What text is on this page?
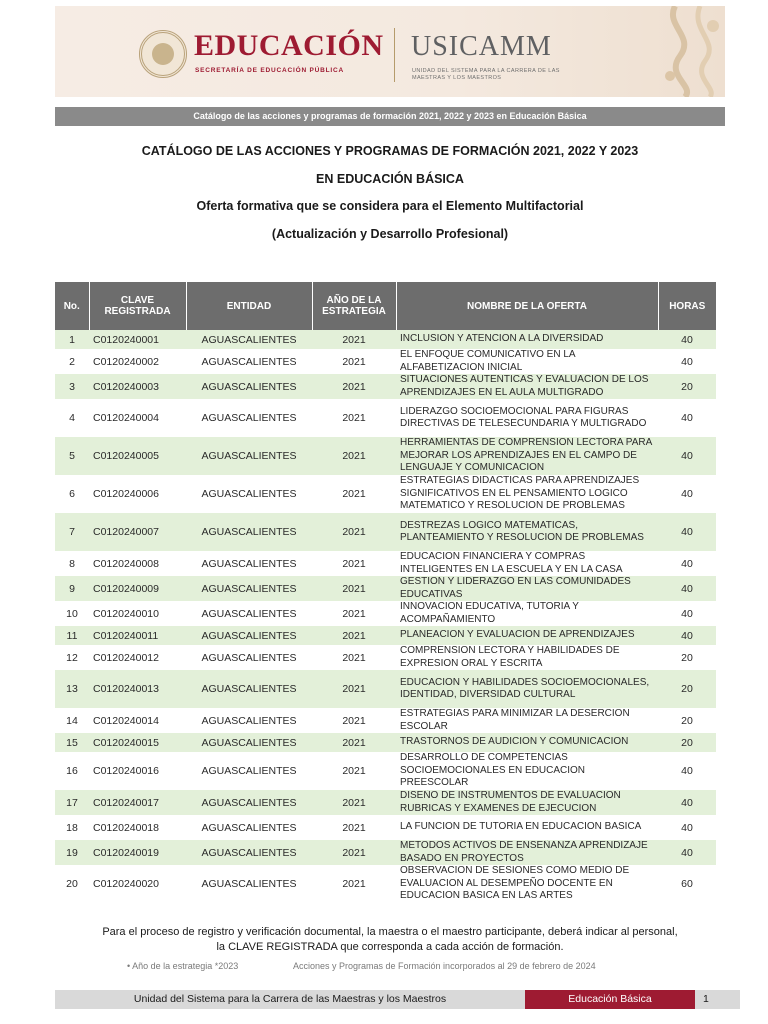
EDUCACIÓN
SECRETARÍA DE EDUCACIÓN PÚBLICA
USICAMM
UNIDAD DEL SISTEMA PARA LA CARRERA DE LAS MAESTRAS Y LOS MAESTROS
Catálogo de las acciones y programas de formación 2021, 2022 y 2023 en Educación Básica
CATÁLOGO DE LAS ACCIONES Y PROGRAMAS DE FORMACIÓN 2021, 2022 Y 2023
EN EDUCACIÓN BÁSICA
Oferta formativa que se considera para el Elemento Multifactorial
(Actualización y Desarrollo Profesional)
No.	CLAVE REGISTRADA	ENTIDAD	AÑO DE LA ESTRATEGIA	NOMBRE DE LA OFERTA	HORAS
1	C0120240001	AGUASCALIENTES	2021	INCLUSION Y ATENCION A LA DIVERSIDAD	40
2	C0120240002	AGUASCALIENTES	2021	EL ENFOQUE COMUNICATIVO EN LA ALFABETIZACION INICIAL	40
3	C0120240003	AGUASCALIENTES	2021	SITUACIONES AUTENTICAS Y EVALUACION DE LOS APRENDIZAJES EN EL AULA MULTIGRADO	20
4	C0120240004	AGUASCALIENTES	2021	LIDERAZGO SOCIOEMOCIONAL PARA FIGURAS DIRECTIVAS DE TELESECUNDARIA Y MULTIGRADO	40
5	C0120240005	AGUASCALIENTES	2021	HERRAMIENTAS DE COMPRENSION LECTORA PARA MEJORAR LOS APRENDIZAJES EN EL CAMPO DE LENGUAJE Y COMUNICACION	40
6	C0120240006	AGUASCALIENTES	2021	ESTRATEGIAS DIDACTICAS PARA APRENDIZAJES SIGNIFICATIVOS EN EL PENSAMIENTO LOGICO MATEMATICO Y RESOLUCION DE PROBLEMAS	40
7	C0120240007	AGUASCALIENTES	2021	DESTREZAS LOGICO MATEMATICAS, PLANTEAMIENTO Y RESOLUCION DE PROBLEMAS	40
8	C0120240008	AGUASCALIENTES	2021	EDUCACION FINANCIERA Y COMPRAS INTELIGENTES EN LA ESCUELA Y EN LA CASA	40
9	C0120240009	AGUASCALIENTES	2021	GESTION Y LIDERAZGO EN LAS COMUNIDADES EDUCATIVAS	40
10	C0120240010	AGUASCALIENTES	2021	INNOVACION EDUCATIVA, TUTORIA Y ACOMPAÑAMIENTO	40
11	C0120240011	AGUASCALIENTES	2021	PLANEACION Y EVALUACION DE APRENDIZAJES	40
12	C0120240012	AGUASCALIENTES	2021	COMPRENSION LECTORA Y HABILIDADES DE EXPRESION ORAL Y ESCRITA	20
13	C0120240013	AGUASCALIENTES	2021	EDUCACION Y HABILIDADES SOCIOEMOCIONALES, IDENTIDAD, DIVERSIDAD CULTURAL	20
14	C0120240014	AGUASCALIENTES	2021	ESTRATEGIAS PARA MINIMIZAR LA DESERCION ESCOLAR	20
15	C0120240015	AGUASCALIENTES	2021	TRASTORNOS DE AUDICION Y COMUNICACION	20
16	C0120240016	AGUASCALIENTES	2021	DESARROLLO DE COMPETENCIAS SOCIOEMOCIONALES EN EDUCACION PREESCOLAR	40
17	C0120240017	AGUASCALIENTES	2021	DISEÑO DE INSTRUMENTOS DE EVALUACION RUBRICAS Y EXAMENES DE EJECUCION	40
18	C0120240018	AGUASCALIENTES	2021	LA FUNCION DE TUTORIA EN EDUCACION BASICA	40
19	C0120240019	AGUASCALIENTES	2021	METODOS ACTIVOS DE ENSEÑANZA APRENDIZAJE BASADO EN PROYECTOS	40
20	C0120240020	AGUASCALIENTES	2021	OBSERVACION DE SESIONES COMO MEDIO DE EVALUACION AL DESEMPEÑO DOCENTE EN EDUCACION BASICA EN LAS ARTES	60
Para el proceso de registro y verificación documental, la maestra o el maestro participante, deberá indicar al personal,
la CLAVE REGISTRADA que corresponda a cada acción de formación.
• Año de la estrategia *2023	Acciones y Programas de Formación incorporados al 29 de febrero de 2024
Unidad del Sistema para la Carrera de las Maestras y los Maestros	Educación Básica	1
